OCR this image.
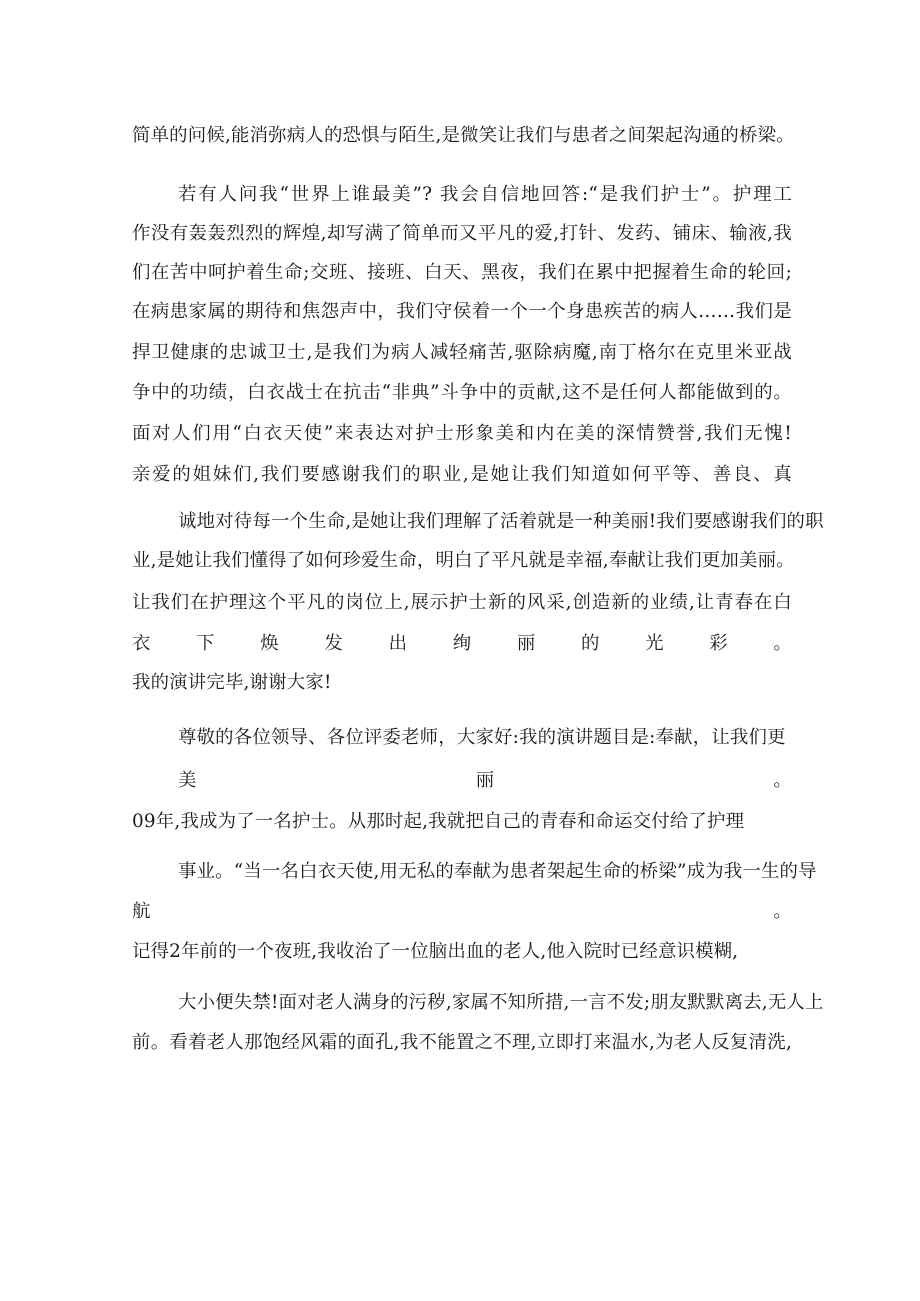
简单的问候,能消弥病人的恐惧与陌生,是微笑让我们与患者之间架起沟通的桥梁。

若有人问我“世界上谁最美”? 我会自信地回答:“是我们护士”。护理工

作没有轰轰烈烈的辉煌,却写满了简单而又平凡的爱,打针、发药、铺床、输液,我

们在苦中呵护着生命;交班、接班、白天、黑夜，我们在累中把握着生命的轮回;

在病患家属的期待和焦怨声中，我们守侯着一个一个身患疾苦的病人……我们是

捍卫健康的忠诚卫士,是我们为病人减轻痛苦,驱除病魔,南丁格尔在克里米亚战

争中的功绩，白衣战士在抗击“非典”斗争中的贡献,这不是任何人都能做到的。

面对人们用“白衣天使”来表达对护士形象美和内在美的深情赞誉,我们无愧!

亲爱的姐妹们,我们要感谢我们的职业,是她让我们知道如何平等、善良、真

诚地对待每一个生命,是她让我们理解了活着就是一种美丽!我们要感谢我们的职

业,是她让我们懂得了如何珍爱生命，明白了平凡就是幸福,奉献让我们更加美丽。

让我们在护理这个平凡的岗位上,展示护士新的风采,创造新的业绩,让青春在白

衣下焕发出绚丽的光彩。

我的演讲完毕,谢谢大家!

尊敬的各位领导、各位评委老师，大家好:我的演讲题目是:奉献，让我们更

美丽。

09年,我成为了一名护士。从那时起,我就把自己的青春和命运交付给了护理

事业。“当一名白衣天使,用无私的奉献为患者架起生命的桥梁”成为我一生的导

航。

记得2年前的一个夜班,我收治了一位脑出血的老人,他入院时已经意识模糊,

大小便失禁!面对老人满身的污秽,家属不知所措,一言不发;朋友默默离去,无人上

前。看着老人那饱经风霜的面孔,我不能置之不理,立即打来温水,为老人反复清洗,
